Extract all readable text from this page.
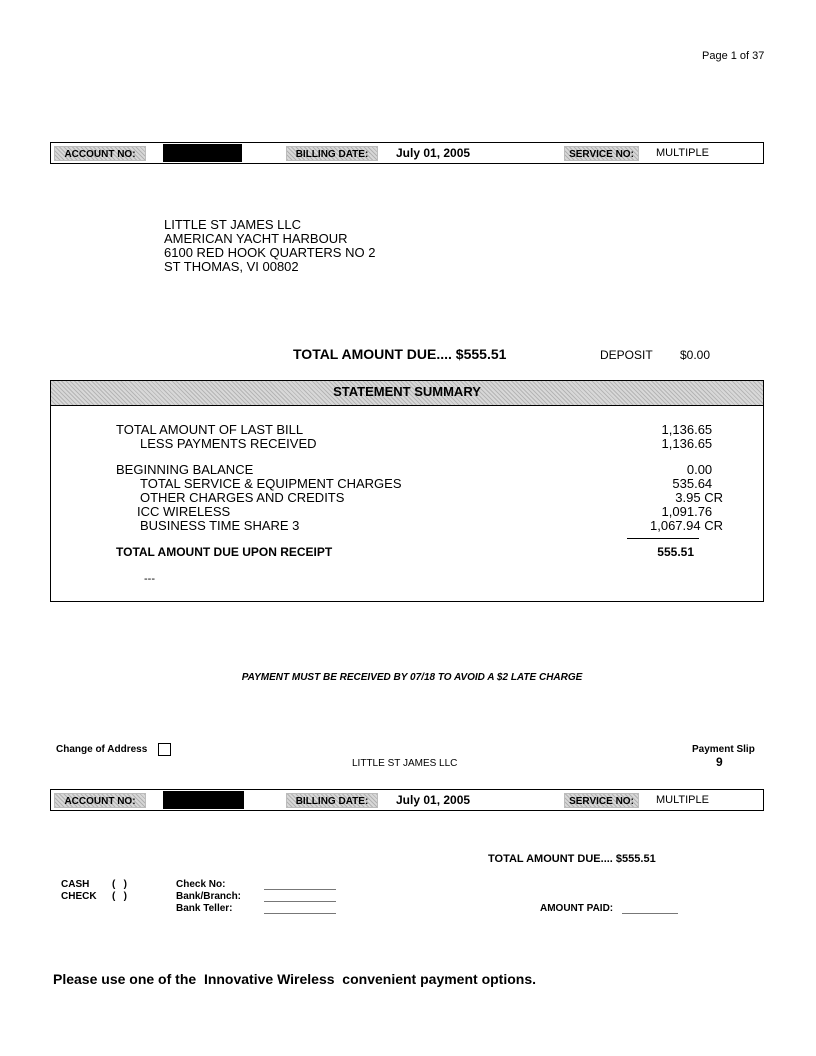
Page 1 of 37
ACCOUNT NO:	BILLING DATE:	July 01, 2005	SERVICE NO:	MULTIPLE
LITTLE ST JAMES LLC
AMERICAN YACHT HARBOUR
6100 RED HOOK QUARTERS NO 2
ST THOMAS, VI 00802
TOTAL AMOUNT DUE.... $555.51	DEPOSIT $0.00
STATEMENT SUMMARY
TOTAL AMOUNT OF LAST BILL	1,136.65
LESS PAYMENTS RECEIVED	1,136.65
BEGINNING BALANCE	0.00
TOTAL SERVICE & EQUIPMENT CHARGES	535.64
OTHER CHARGES AND CREDITS	3.95 CR
ICC WIRELESS	1,091.76
BUSINESS TIME SHARE 3	1,067.94 CR
TOTAL AMOUNT DUE UPON RECEIPT	555.51
---
PAYMENT MUST BE RECEIVED BY 07/18 TO AVOID A $2 LATE CHARGE
Change of Address	Payment Slip
9
LITTLE ST JAMES LLC
ACCOUNT NO:	BILLING DATE:	July 01, 2005	SERVICE NO:	MULTIPLE
TOTAL AMOUNT DUE.... $555.51
CASH (   )
CHECK (   )
Check No:
Bank/Branch:
Bank Teller:	AMOUNT PAID:
Please use one of the  Innovative Wireless  convenient payment options.
